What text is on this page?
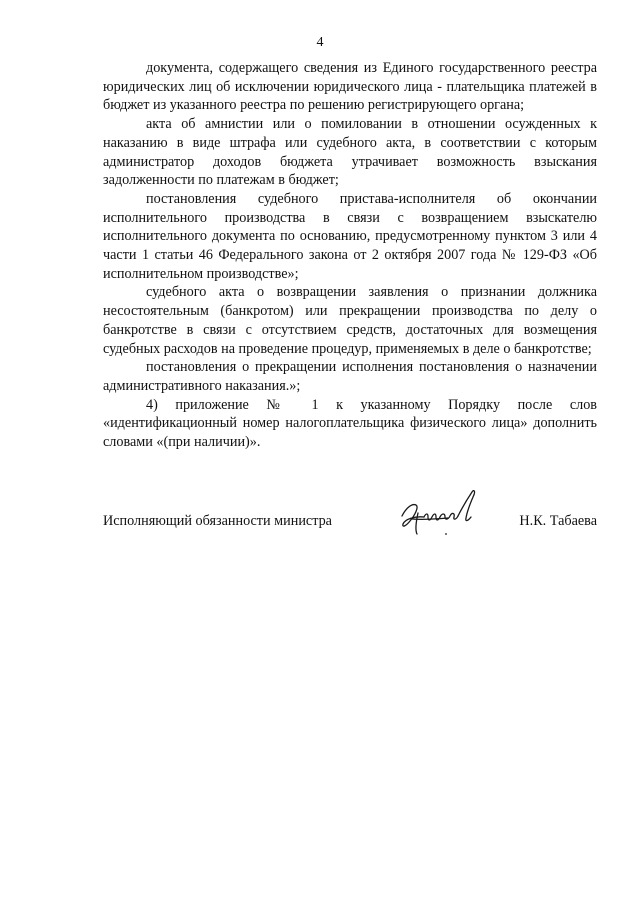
4

документа, содержащего сведения из Единого государственного реестра юридических лиц об исключении юридического лица - плательщика платежей в бюджет из указанного реестра по решению регистрирующего органа;

акта об амнистии или о помиловании в отношении осужденных к наказанию в виде штрафа или судебного акта, в соответствии с которым администратор доходов бюджета утрачивает возможность взыскания задолженности по платежам в бюджет;

постановления судебного пристава-исполнителя об окончании исполнительного производства в связи с возвращением взыскателю исполнительного документа по основанию, предусмотренному пунктом 3 или 4 части 1 статьи 46 Федерального закона от 2 октября 2007 года № 129-ФЗ «Об исполнительном производстве»;

судебного акта о возвращении заявления о признании должника несостоятельным (банкротом) или прекращении производства по делу о банкротстве в связи с отсутствием средств, достаточных для возмещения судебных расходов на проведение процедур, применяемых в деле о банкротстве;

постановления о прекращении исполнения постановления о назначении административного наказания.»;

4) приложение № 1 к указанному Порядку после слов «идентификационный номер налогоплательщика физического лица» дополнить словами «(при наличии)».

Исполняющий обязанности министра	Н.К. Табаева
